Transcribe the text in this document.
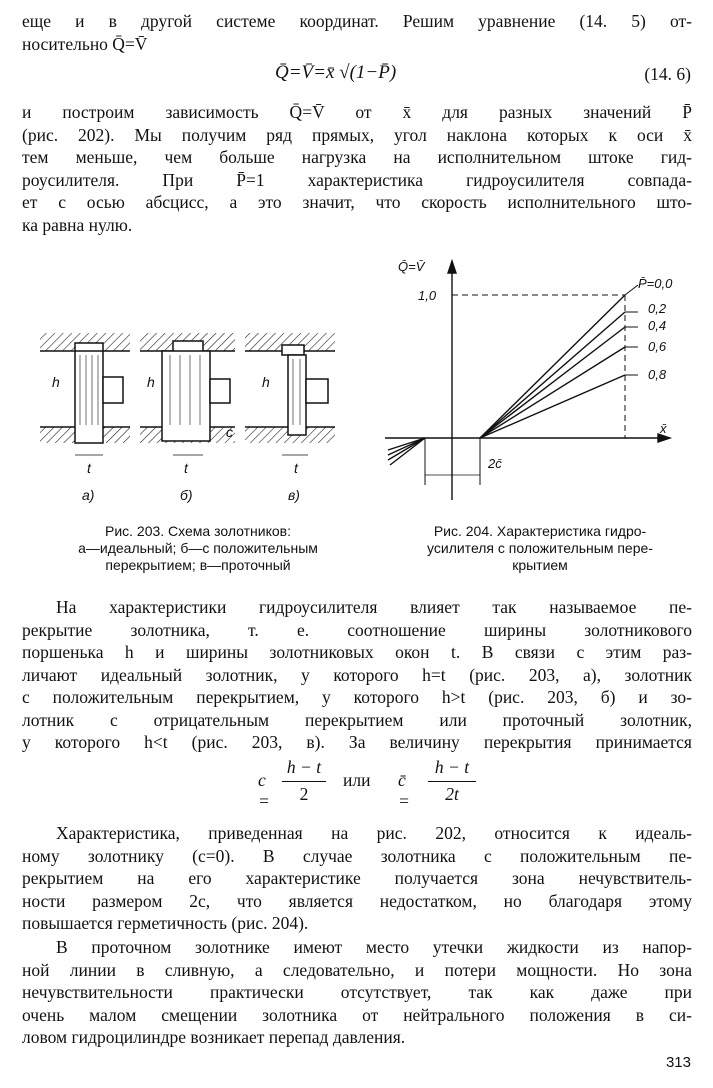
еще и в другой системе координат. Решим уравнение (14. 5) от-
носительно Q̄=V̄
Q̄=V̄=x̄ √(1−P̄)	(14. 6)
и построим зависимость Q̄=V̄ от x̄ для разных значений P̄
(рис. 202). Мы получим ряд прямых, угол наклона которых к оси x̄
тем меньше, чем больше нагрузка на исполнительном штоке гид-
роусилителя. При P̄=1 характеристика гидроусилителя совпада-
ет с осью абсцисс, а это значит, что скорость исполнительного што-
ка равна нулю.
h
t
h
t
c
h
t
a)	б)	в)
Рис. 203. Схема золотников:
а—идеальный; б—с положительным
перекрытием; в—проточный
Q̄=V̄
x̄
1,0
P̄=0,0
0,2
0,4
0,6
0,8
2c̄
Рис. 204. Характеристика гидро-
усилителя с положительным пере-
крытием
На характеристики гидроусилителя влияет так называемое пе-
рекрытие золотника, т. е. соотношение ширины золотникового
поршенька h и ширины золотниковых окон t. В связи с этим раз-
личают идеальный золотник, у которого h=t (рис. 203, а), золотник
с положительным перекрытием, у которого h>t (рис. 203, б) и зо-
лотник с отрицательным перекрытием или проточный золотник,
у которого h<t (рис. 203, в). За величину перекрытия принимается
c =
h − t
2
или c̄ =
h − t
2t
Характеристика, приведенная на рис. 202, относится к идеаль-
ному золотнику (c=0). В случае золотника с положительным пе-
рекрытием на его характеристике получается зона нечувствитель-
ности размером 2c, что является недостатком, но благодаря этому
повышается герметичность (рис. 204).
В проточном золотнике имеют место утечки жидкости из напор-
ной линии в сливную, а следовательно, и потери мощности. Но зона
нечувствительности практически отсутствует, так как даже при
очень малом смещении золотника от нейтрального положения в си-
ловом гидроцилиндре возникает перепад давления.
313
